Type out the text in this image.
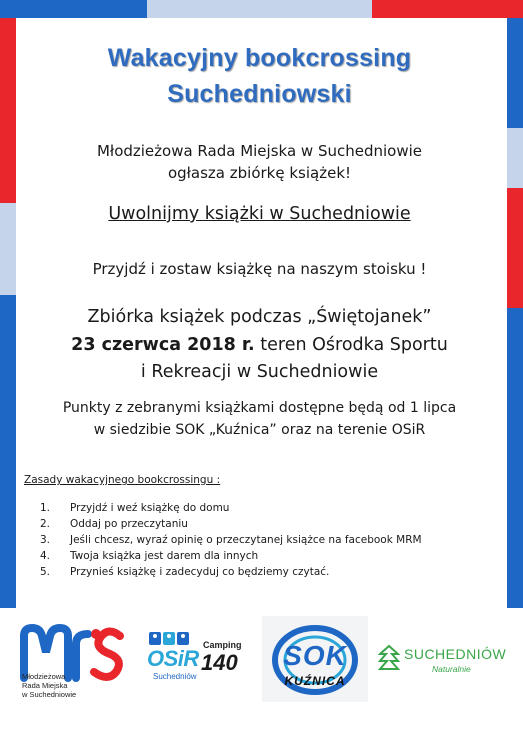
Wakacyjny bookcrossing
Suchedniowski
Młodzieżowa Rada Miejska w Suchedniowie
ogłasza zbiórkę książek!
Uwolnijmy książki w Suchedniowie
Przyjdź i zostaw książkę na naszym stoisku !
Zbiórka książek podczas „Świętojanek”
23 czerwca 2018 r. teren Ośrodka Sportu
i Rekreacji w Suchedniowie
Punkty z zebranymi książkami dostępne będą od 1 lipca
w siedzibie SOK „Kuźnica” oraz na terenie OSiR
Zasady wakacyjnego bookcrossingu :
1. Przyjdź i weź książkę do domu
2. Oddaj po przeczytaniu
3. Jeśli chcesz, wyraź opinię o przeczytanej książce na facebook MRM
4. Twoja książka jest darem dla innych
5. Przynieś książkę i zadecyduj co będziemy czytać.
Młodzieżowa
Rada Miejska
w Suchedniowie
OSiR
Suchedniów
Camping
140	SOK
KUŹNICA
SUCHEDNIÓW
Naturalnie
